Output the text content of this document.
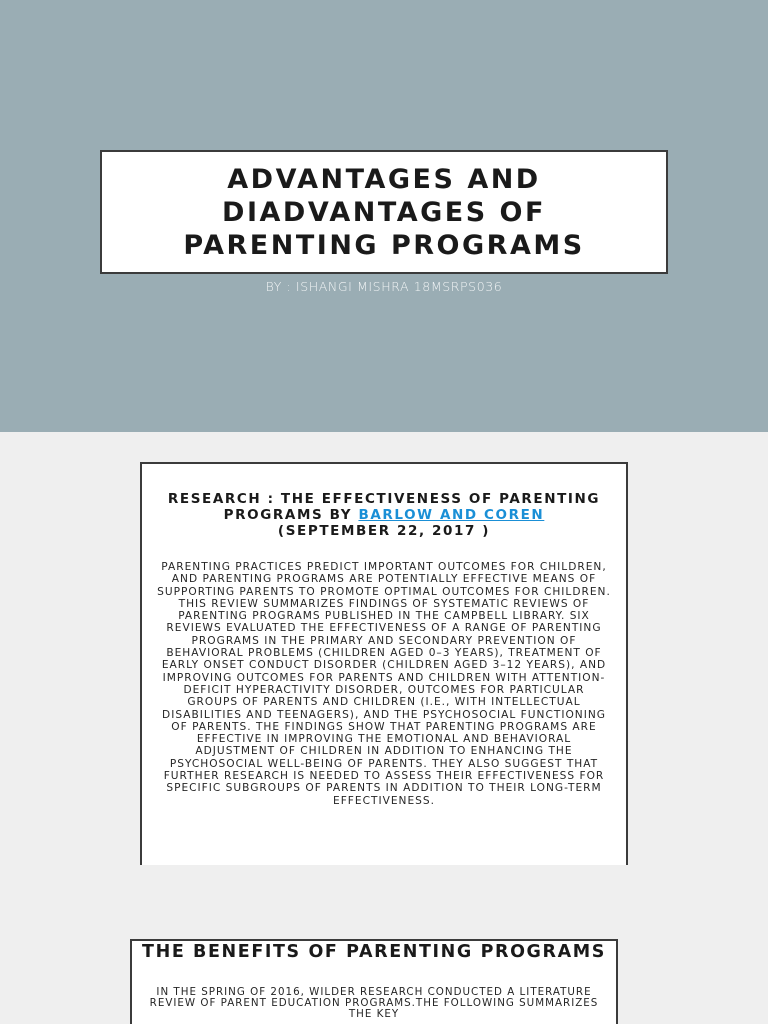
ADVANTAGES AND
DIADVANTAGES OF
PARENTING PROGRAMS
BY : ISHANGI MISHRA 18MSRPS036
RESEARCH : THE EFFECTIVENESS OF PARENTING PROGRAMS BY BARLOW AND COREN
(SEPTEMBER 22, 2017 )
PARENTING PRACTICES PREDICT IMPORTANT OUTCOMES FOR CHILDREN, AND PARENTING PROGRAMS ARE POTENTIALLY EFFECTIVE MEANS OF SUPPORTING PARENTS TO PROMOTE OPTIMAL OUTCOMES FOR CHILDREN. THIS REVIEW SUMMARIZES FINDINGS OF SYSTEMATIC REVIEWS OF PARENTING PROGRAMS PUBLISHED IN THE CAMPBELL LIBRARY. SIX REVIEWS EVALUATED THE EFFECTIVENESS OF A RANGE OF PARENTING PROGRAMS IN THE PRIMARY AND SECONDARY PREVENTION OF BEHAVIORAL PROBLEMS (CHILDREN AGED 0–3 YEARS), TREATMENT OF EARLY ONSET CONDUCT DISORDER (CHILDREN AGED 3–12 YEARS), AND IMPROVING OUTCOMES FOR PARENTS AND CHILDREN WITH ATTENTION-DEFICIT HYPERACTIVITY DISORDER, OUTCOMES FOR PARTICULAR GROUPS OF PARENTS AND CHILDREN (I.E., WITH INTELLECTUAL DISABILITIES AND TEENAGERS), AND THE PSYCHOSOCIAL FUNCTIONING OF PARENTS. THE FINDINGS SHOW THAT PARENTING PROGRAMS ARE EFFECTIVE IN IMPROVING THE EMOTIONAL AND BEHAVIORAL ADJUSTMENT OF CHILDREN IN ADDITION TO ENHANCING THE PSYCHOSOCIAL WELL-BEING OF PARENTS. THEY ALSO SUGGEST THAT FURTHER RESEARCH IS NEEDED TO ASSESS THEIR EFFECTIVENESS FOR SPECIFIC SUBGROUPS OF PARENTS IN ADDITION TO THEIR LONG-TERM EFFECTIVENESS.
THE BENEFITS OF PARENTING PROGRAMS
IN THE SPRING OF 2016, WILDER RESEARCH CONDUCTED A LITERATURE REVIEW OF PARENT EDUCATION PROGRAMS.THE FOLLOWING SUMMARIZES THE KEY
